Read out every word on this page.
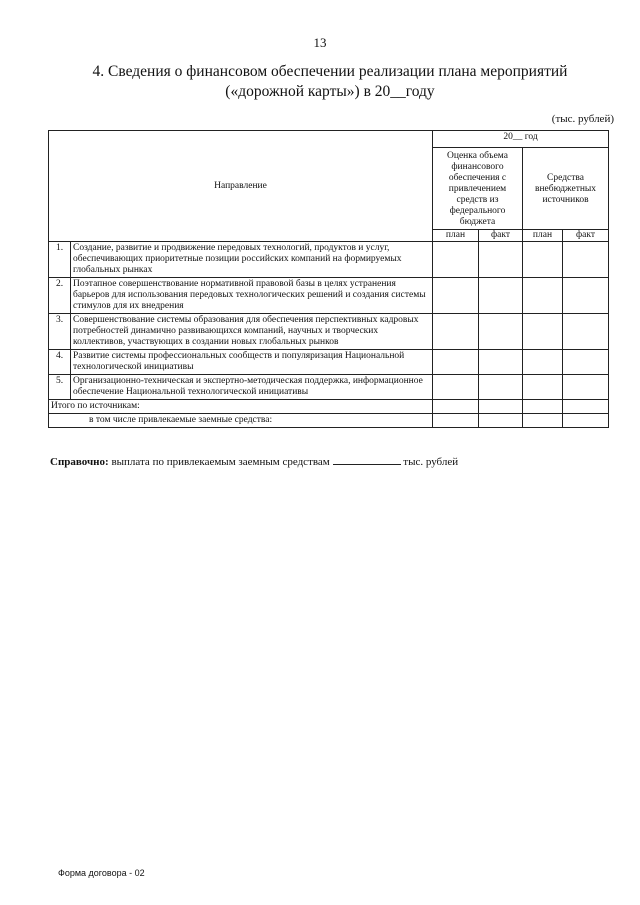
13
4. Сведения о финансовом обеспечении реализации плана мероприятий
(«дорожной карты») в 20__году
(тыс. рублей)
Направление		20__ год			
		Оценка объема финансового обеспечения с привлечением средств из федерального бюджета		Средства внебюджетных источников	
		план	факт	план	факт
1.	Создание, развитие и продвижение передовых технологий, продуктов и услуг, обеспечивающих приоритетные позиции российских компаний на формируемых глобальных рынках				
2.	Поэтапное совершенствование нормативной правовой базы в целях устранения барьеров для использования передовых технологических решений и создания системы стимулов для их внедрения				
3.	Совершенствование системы образования для обеспечения перспективных кадровых потребностей динамично развивающихся компаний, научных и творческих коллективов, участвующих в создании новых глобальных рынков				
4.	Развитие системы профессиональных сообществ и популяризация Национальной технологической инициативы				
5.	Организационно-техническая и экспертно-методическая поддержка, информационное обеспечение Национальной технологической инициативы				
Итого по источникам:					
в том числе привлекаемые заемные средства:					
Справочно: выплата по привлекаемым заемным средствам	тыс. рублей
Форма договора - 02
